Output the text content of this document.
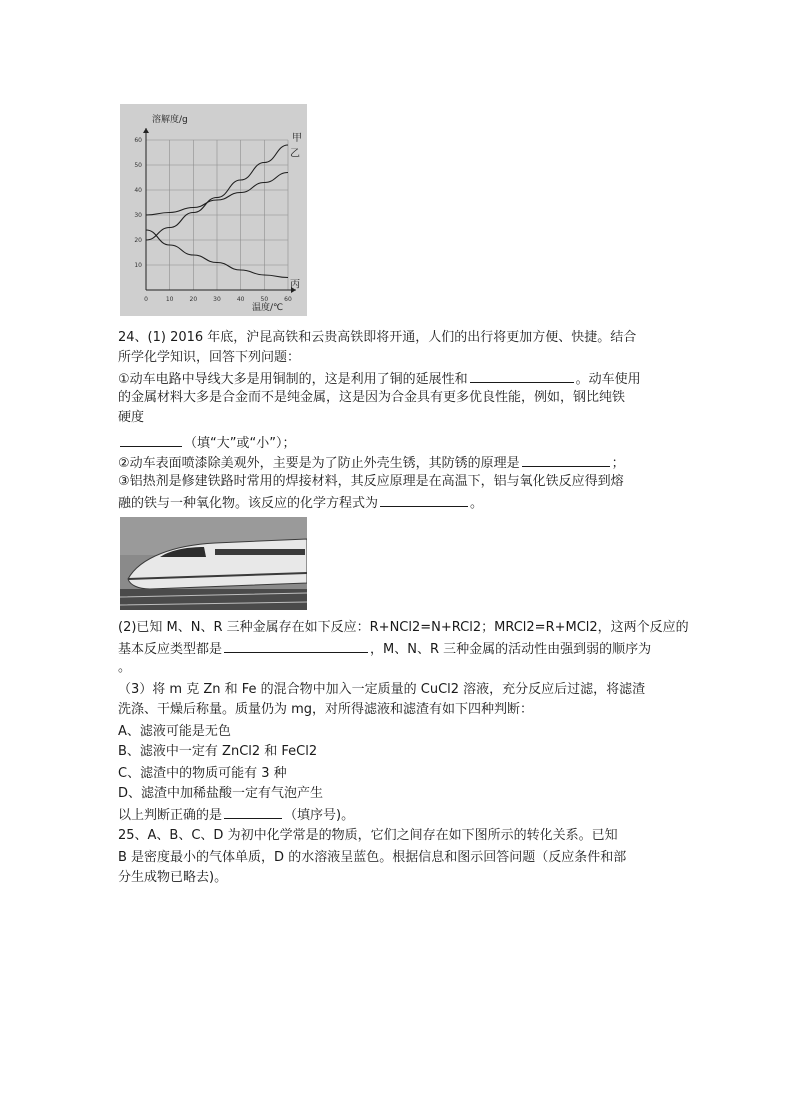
0	10	20	30	40	50	60
10
20
30
40
50
60
溶解度/g
温度/℃
甲
乙
丙
24、(1) 2016 年底，沪昆高铁和云贵高铁即将开通，人们的出行将更加方便、快捷。结合
所学化学知识，回答下列问题：
①动车电路中导线大多是用铜制的，这是利用了铜的延展性和	。动车使用
的金属材料大多是合金而不是纯金属，这是因为合金具有更多优良性能，例如，钢比纯铁
硬度
（填“大”或“小”）；
②动车表面喷漆除美观外，主要是为了防止外壳生锈，其防锈的原理是	；
③铝热剂是修建铁路时常用的焊接材料，其反应原理是在高温下，铝与氧化铁反应得到熔
融的铁与一种氧化物。该反应的化学方程式为	。
(2)已知 M、N、R 三种金属存在如下反应：R+NCl2=N+RCl2；MRCl2=R+MCl2，这两个反应的
基本反应类型都是	，M、N、R 三种金属的活动性由强到弱的顺序为
。
（3）将 m 克 Zn 和 Fe 的混合物中加入一定质量的 CuCl2 溶液，充分反应后过滤，将滤渣
洗涤、干燥后称量。质量仍为 mg，对所得滤液和滤渣有如下四种判断：
A、滤液可能是无色
B、滤液中一定有 ZnCl2 和 FeCl2
C、滤渣中的物质可能有 3 种
D、滤渣中加稀盐酸一定有气泡产生
以上判断正确的是	（填序号)。
25、A、B、C、D 为初中化学常是的物质，它们之间存在如下图所示的转化关系。已知
B 是密度最小的气体单质，D 的水溶液呈蓝色。根据信息和图示回答问题（反应条件和部
分生成物已略去)。
